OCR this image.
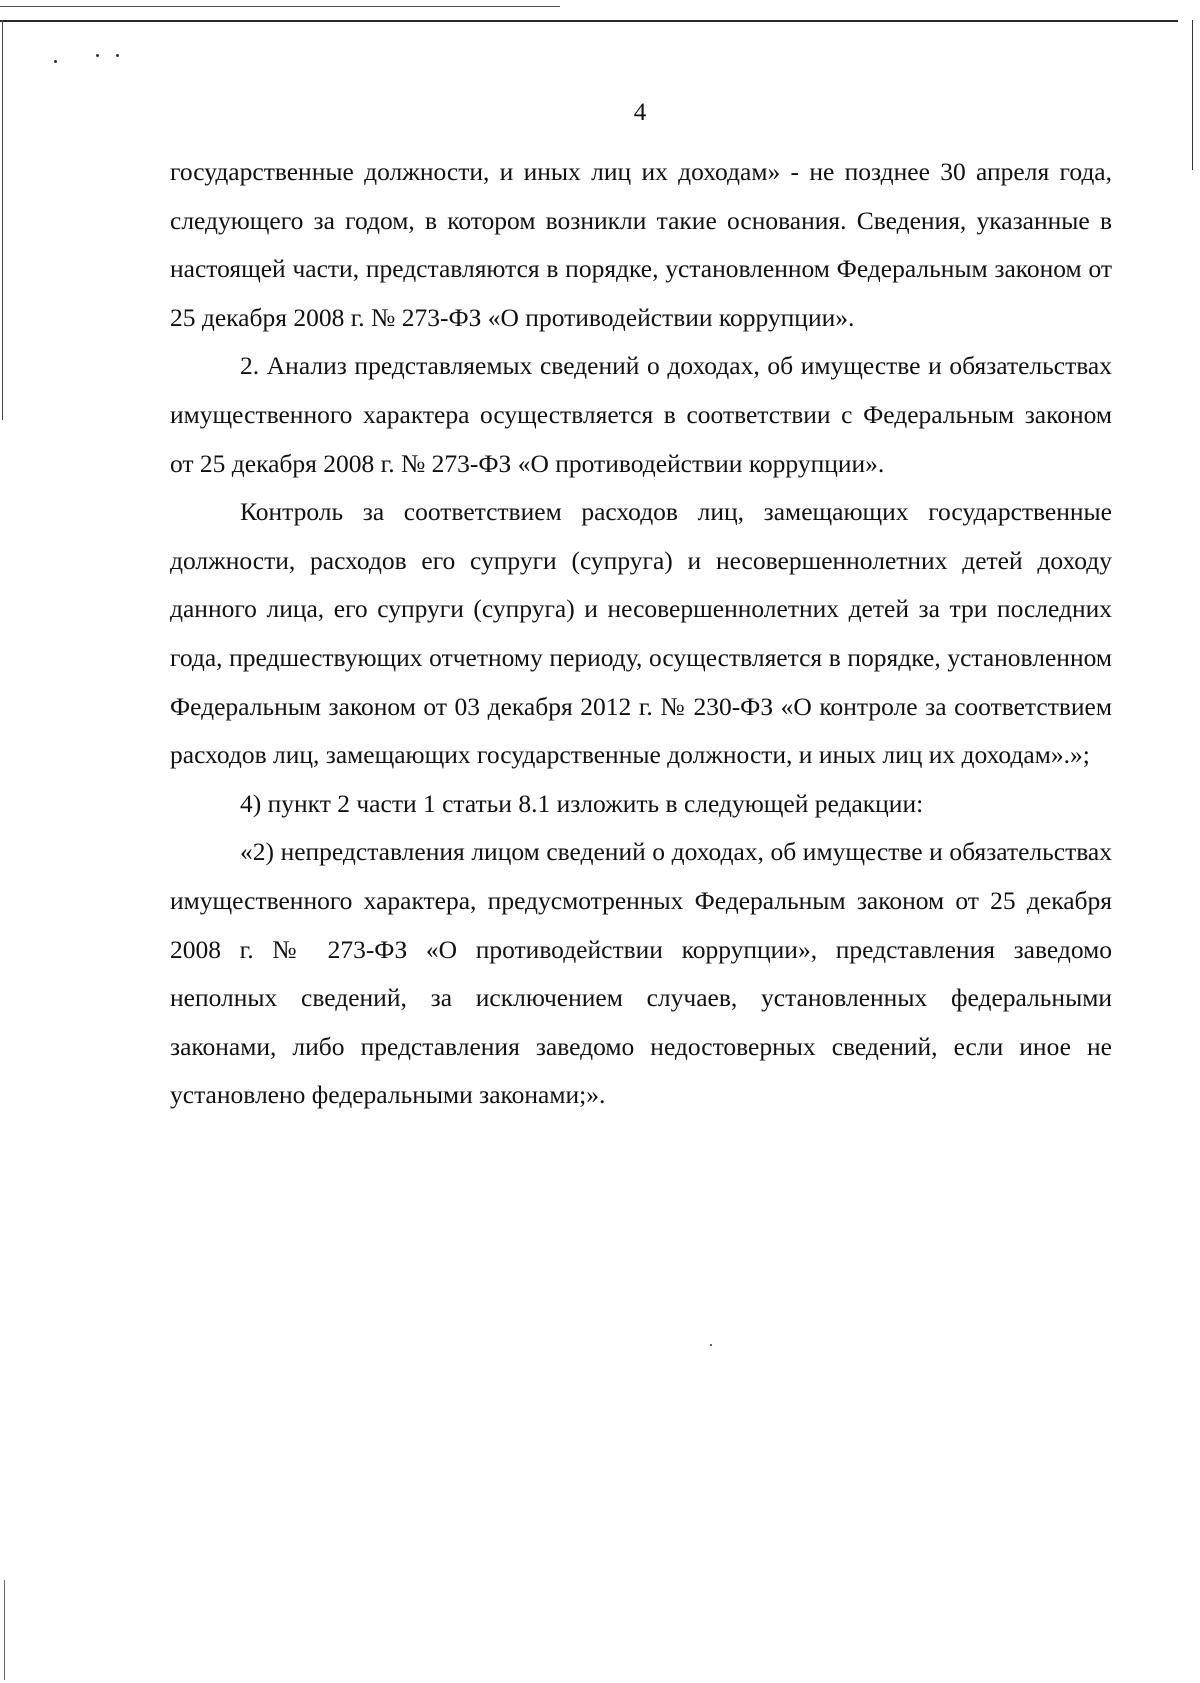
4

государственные должности, и иных лиц их доходам» - не позднее 30 апреля года, следующего за годом, в котором возникли такие основания. Сведения, указанные в настоящей части, представляются в порядке, установленном Федеральным законом от 25 декабря 2008 г. № 273-ФЗ «О противодействии коррупции».

2. Анализ представляемых сведений о доходах, об имуществе и обязательствах имущественного характера осуществляется в соответствии с Федеральным законом от 25 декабря 2008 г. № 273-ФЗ «О противодействии коррупции».

Контроль за соответствием расходов лиц, замещающих государственные должности, расходов его супруги (супруга) и несовершеннолетних детей доходу данного лица, его супруги (супруга) и несовершеннолетних детей за три последних года, предшествующих отчетному периоду, осуществляется в порядке, установленном Федеральным законом от 03 декабря 2012 г. № 230-ФЗ «О контроле за соответствием расходов лиц, замещающих государственные должности, и иных лиц их доходам».»;

4) пункт 2 части 1 статьи 8.1 изложить в следующей редакции:

«2) непредставления лицом сведений о доходах, об имуществе и обязательствах имущественного характера, предусмотренных Федеральным законом от 25 декабря 2008 г. № 273-ФЗ «О противодействии коррупции», представления заведомо неполных сведений, за исключением случаев, установленных федеральными законами, либо представления заведомо недостоверных сведений, если иное не установлено федеральными законами;».
